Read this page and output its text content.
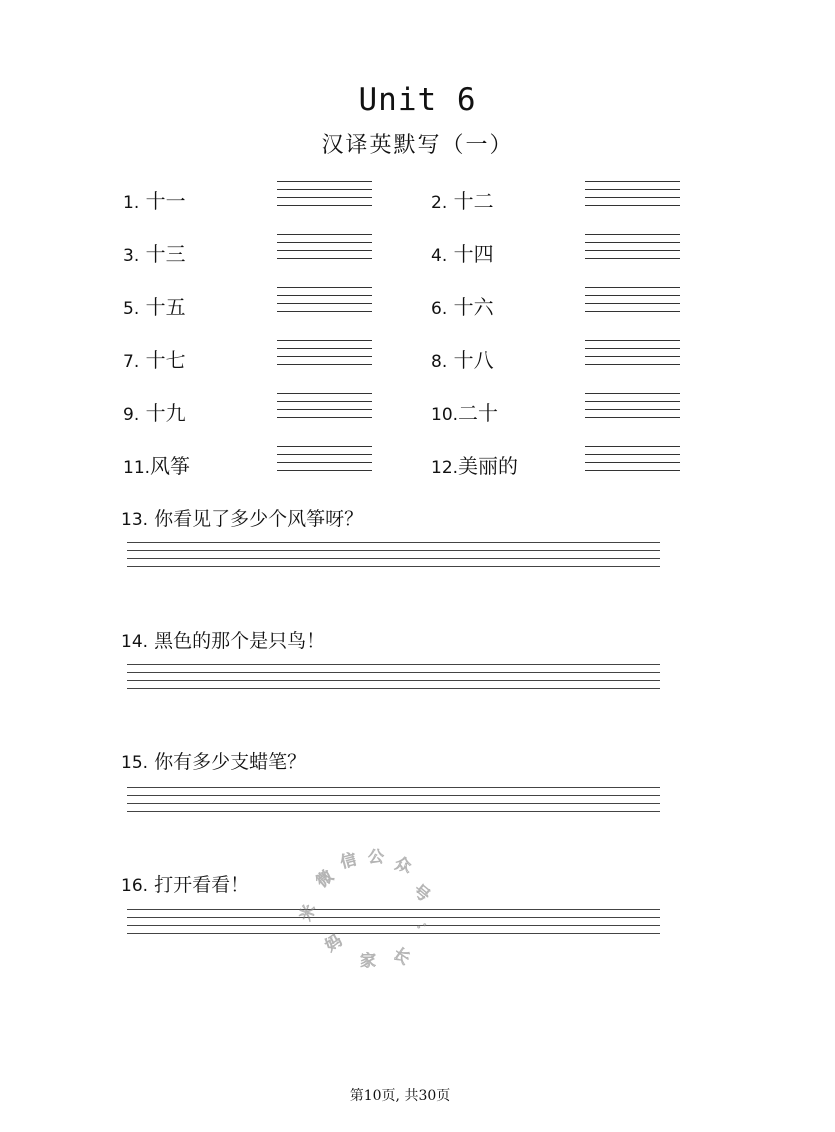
Unit 6
汉译英默写（一）
1. 十一	2. 十二
3. 十三	4. 十四
5. 十五	6. 十六
7. 十七	8. 十八
9. 十九	10.二十
11.风筝	12.美丽的
13. 你看见了多少个风筝呀？
14. 黑色的那个是只鸟！
15. 你有多少支蜡笔？
16. 打开看看！	微
信 公 众
号
：
米
妈
家 长
第10页, 共30页
